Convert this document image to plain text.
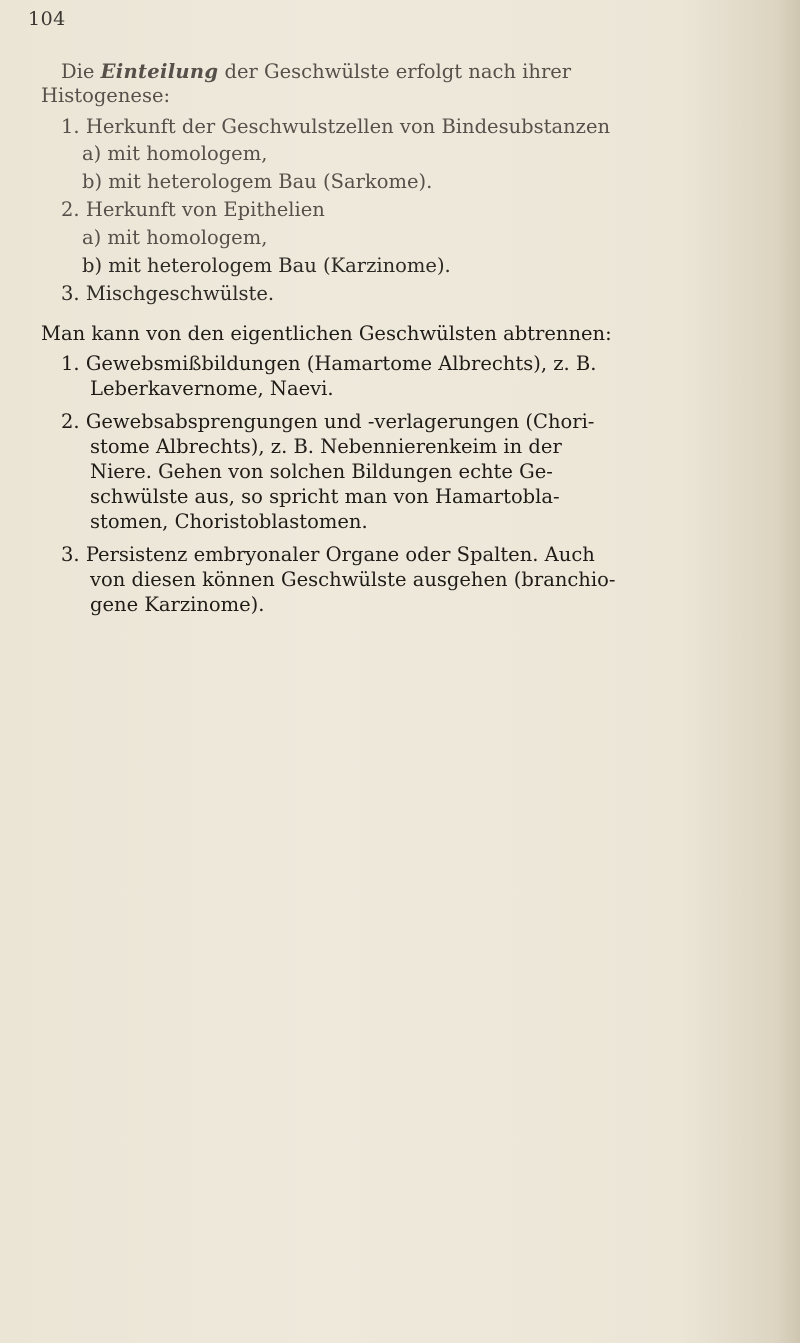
104
Die Einteilung der Geschwülste erfolgt nach ihrer
Histogenese:
1. Herkunft der Geschwulstzellen von Bindesubstanzen
a) mit homologem,
b) mit heterologem Bau (Sarkome).
2. Herkunft von Epithelien
a) mit homologem,
b) mit heterologem Bau (Karzinome).
3. Mischgeschwülste.
Man kann von den eigentlichen Geschwülsten abtrennen:
1. Gewebsmißbildungen (Hamartome Albrechts), z. B.
Leberkavernome, Naevi.
2. Gewebsabsprengungen und -verlagerungen (Chori-
stome Albrechts), z. B. Nebennierenkeim in der
Niere. Gehen von solchen Bildungen echte Ge-
schwülste aus, so spricht man von Hamartobla-
stomen, Choristoblastomen.
3. Persistenz embryonaler Organe oder Spalten. Auch
von diesen können Geschwülste ausgehen (branchio-
gene Karzinome).
